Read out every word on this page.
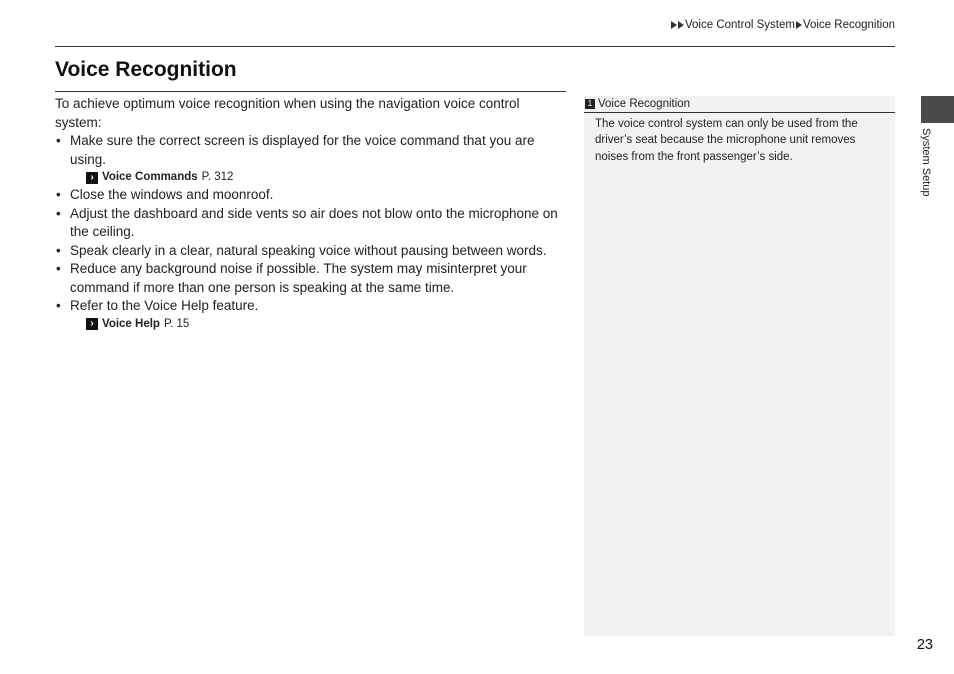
Voice Control System Voice Recognition
Voice Recognition

To achieve optimum voice recognition when using the navigation voice control system:

• Make sure the correct screen is displayed for the voice command that you are using.
› Voice Commands P. 312
• Close the windows and moonroof.
• Adjust the dashboard and side vents so air does not blow onto the microphone on the ceiling.
• Speak clearly in a clear, natural speaking voice without pausing between words.
• Reduce any background noise if possible. The system may misinterpret your command if more than one person is speaking at the same time.
• Refer to the Voice Help feature.
› Voice Help P. 15
1 Voice Recognition
The voice control system can only be used from the driver’s seat because the microphone unit removes noises from the front passenger’s side.	System Setup
23
